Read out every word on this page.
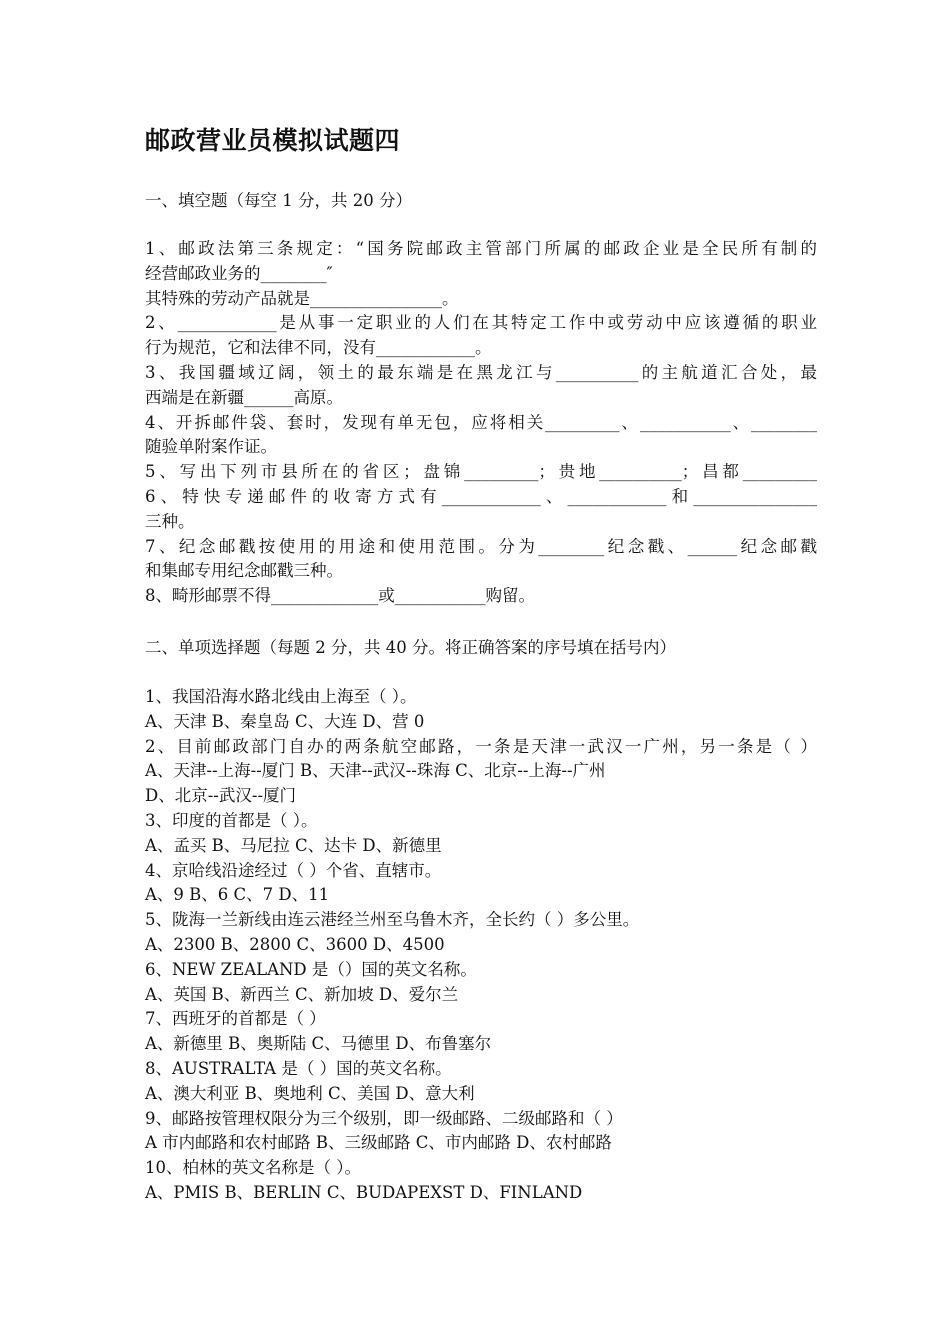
邮政营业员模拟试题四
一、填空题（每空 1 分，共 20 分）
1、邮政法第三条规定：“国务院邮政主管部门所属的邮政企业是全民所有制的
经营邮政业务的________″
其特殊的劳动产品就是________________。
2、____________是从事一定职业的人们在其特定工作中或劳动中应该遵循的职业
行为规范，它和法律不同，没有____________。
3、我国疆域辽阔，领土的最东端是在黑龙江与__________的主航道汇合处，最
西端是在新疆______高原。
4、开拆邮件袋、套时，发现有单无包，应将相关_________、___________、________
随验单附案作证。
5、写出下列市县所在的省区；盘锦_________；贵地__________；昌都_________
6、特快专递邮件的收寄方式有____________、____________和_______________
三种。
7、纪念邮戳按使用的用途和使用范围。分为________纪念戳、______纪念邮戳
和集邮专用纪念邮戳三种。
8、畸形邮票不得_____________或___________购留。
二、单项选择题（每题 2 分，共 40 分。将正确答案的序号填在括号内）
1、我国沿海水路北线由上海至（ ）。
A、天津 B、秦皇岛 C、大连 D、营 0
2、目前邮政部门自办的两条航空邮路，一条是天津一武汉一广州，另一条是（ ）
A、天津--上海--厦门 B、天津--武汉--珠海 C、北京--上海--广州
D、北京--武汉--厦门
3、印度的首都是（ ）。
A、孟买 B、马尼拉 C、达卡 D、新德里
4、京哈线沿途经过（ ）个省、直辖市。
A、9 B、6 C、7 D、11
5、陇海一兰新线由连云港经兰州至乌鲁木齐，全长约（ ）多公里。
A、2300 B、2800 C、3600 D、4500
6、NEW ZEALAND 是（）国的英文名称。
A、英国 B、新西兰 C、新加坡 D、爱尔兰
7、西班牙的首都是（ ）
A、新德里 B、奥斯陆 C、马德里 D、布鲁塞尔
8、AUSTRALTA 是（ ）国的英文名称。
A、澳大利亚 B、奥地利 C、美国 D、意大利
9、邮路按管理权限分为三个级别，即一级邮路、二级邮路和（ ）
A 市内邮路和农村邮路 B、三级邮路 C、市内邮路 D、农村邮路
10、柏林的英文名称是（ ）。
A、PMIS B、BERLIN C、BUDAPEXST D、FINLAND
